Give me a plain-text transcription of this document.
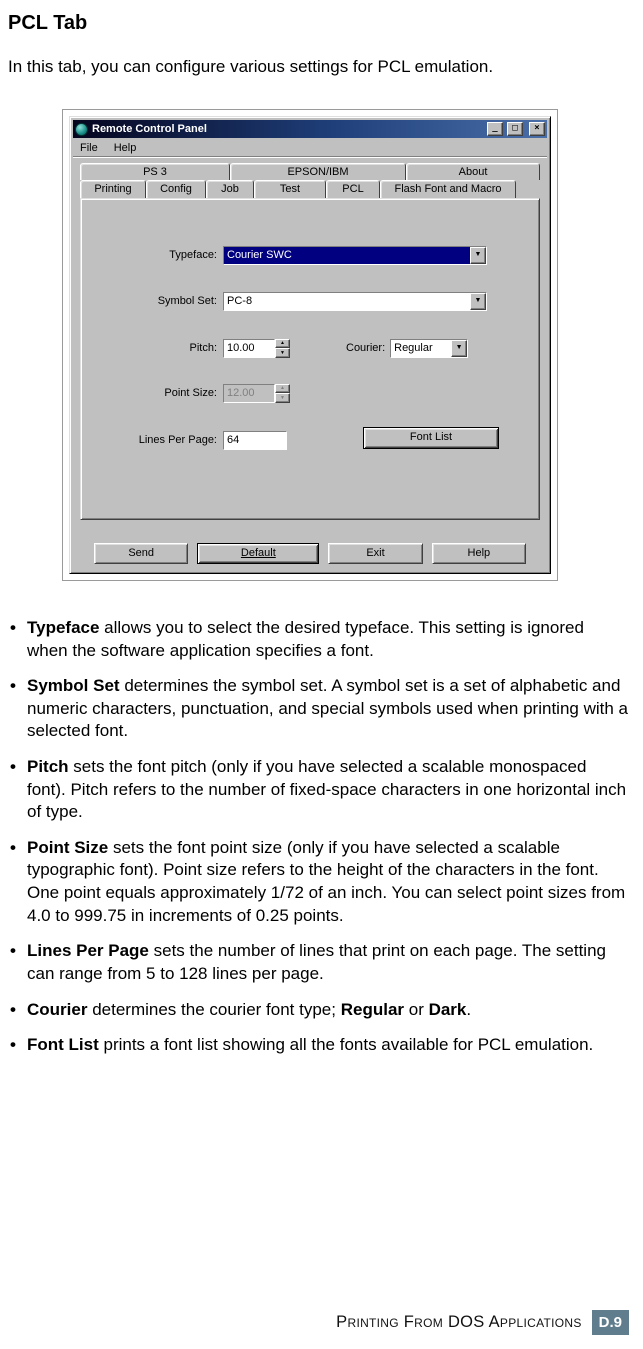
PCL Tab

In this tab, you can configure various settings for PCL emulation.

Remote Control Panel	_	□	×
File Help
PS 3	EPSON/IBM	About
Printing	Config	Job	Test	PCL	Flash Font and Macro
Typeface: Courier SWC	▼
Symbol Set: PC-8	▼
Pitch:
10.00	▲
▼	Courier: Regular	▼
Point Size:
12.00	▲
▼
Lines Per Page:
64	Font List
Send	Default	Exit	Help
• Typeface allows you to select the desired typeface. This setting is ignored when the software application specifies a font.
• Symbol Set determines the symbol set. A symbol set is a set of alphabetic and numeric characters, punctuation, and special symbols used when printing with a selected font.
• Pitch sets the font pitch (only if you have selected a scalable monospaced font). Pitch refers to the number of fixed-space characters in one horizontal inch of type.
• Point Size sets the font point size (only if you have selected a scalable typographic font). Point size refers to the height of the characters in the font. One point equals approximately 1/72 of an inch. You can select point sizes from 4.0 to 999.75 in increments of 0.25 points.
• Lines Per Page sets the number of lines that print on each page. The setting can range from 5 to 128 lines per page.
• Courier determines the courier font type; Regular or Dark.
• Font List prints a font list showing all the fonts available for PCL emulation.
Printing From DOS Applications	D.9
